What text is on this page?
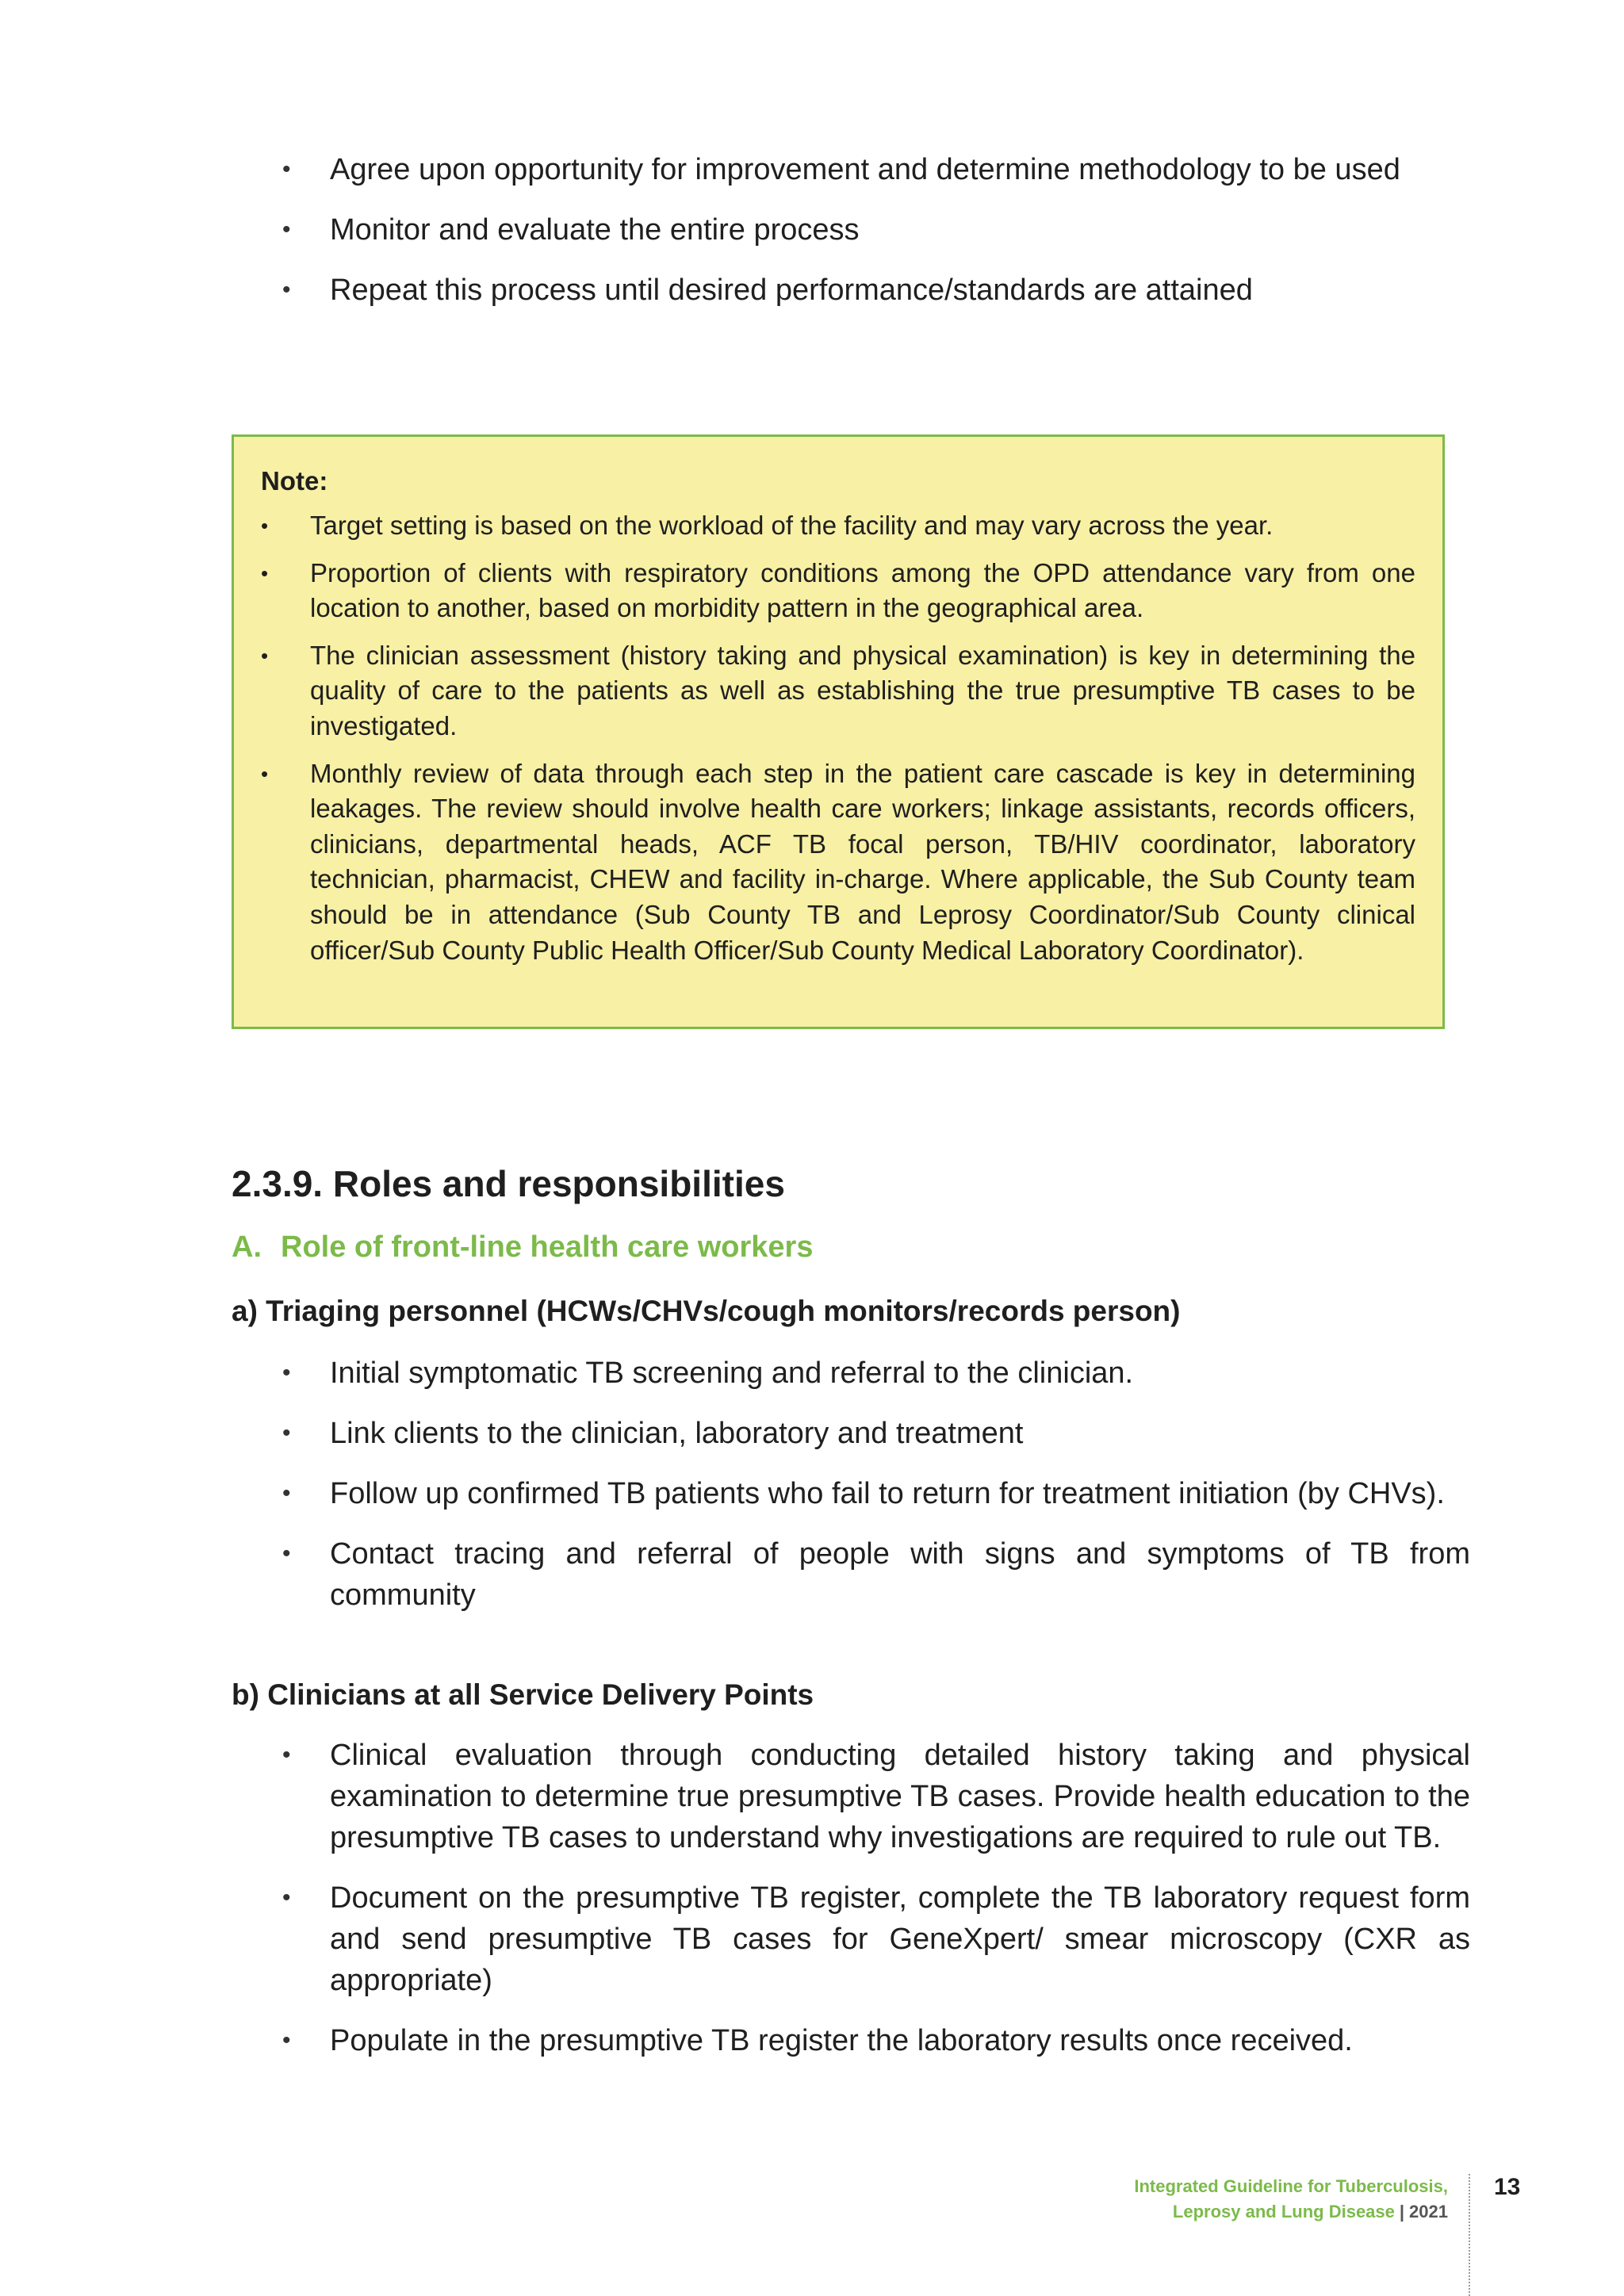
• Agree upon opportunity for improvement and determine methodology to be used
• Monitor and evaluate the entire process
• Repeat this process until desired performance/standards are attained
Note:
• Target setting is based on the workload of the facility and may vary across the year.
• Proportion of clients with respiratory conditions among the OPD attendance vary from one location to another, based on morbidity pattern in the geographical area.
• The clinician assessment (history taking and physical examination) is key in determining the quality of care to the patients as well as establishing the true presumptive TB cases to be investigated.
• Monthly review of data through each step in the patient care cascade is key in determining leakages. The review should involve health care workers; linkage assistants, records officers, clinicians, departmental heads, ACF TB focal person, TB/HIV coordinator, laboratory technician, pharmacist, CHEW and facility in-charge. Where applicable, the Sub County team should be in attendance (Sub County TB and Leprosy Coordinator/Sub County clinical officer/Sub County Public Health Officer/Sub County Medical Laboratory Coordinator).
2.3.9. Roles and responsibilities
A. Role of front-line health care workers
a) Triaging personnel (HCWs/CHVs/cough monitors/records person)
• Initial symptomatic TB screening and referral to the clinician.
• Link clients to the clinician, laboratory and treatment
• Follow up confirmed TB patients who fail to return for treatment initiation (by CHVs).
• Contact tracing and referral of people with signs and symptoms of TB from community
b) Clinicians at all Service Delivery Points
• Clinical evaluation through conducting detailed history taking and physical examination to determine true presumptive TB cases. Provide health education to the presumptive TB cases to understand why investigations are required to rule out TB.
• Document on the presumptive TB register, complete the TB laboratory request form and send presumptive TB cases for GeneXpert/ smear microscopy (CXR as appropriate)
• Populate in the presumptive TB register the laboratory results once received.
Integrated Guideline for Tuberculosis,
Leprosy and Lung Disease | 2021
13
